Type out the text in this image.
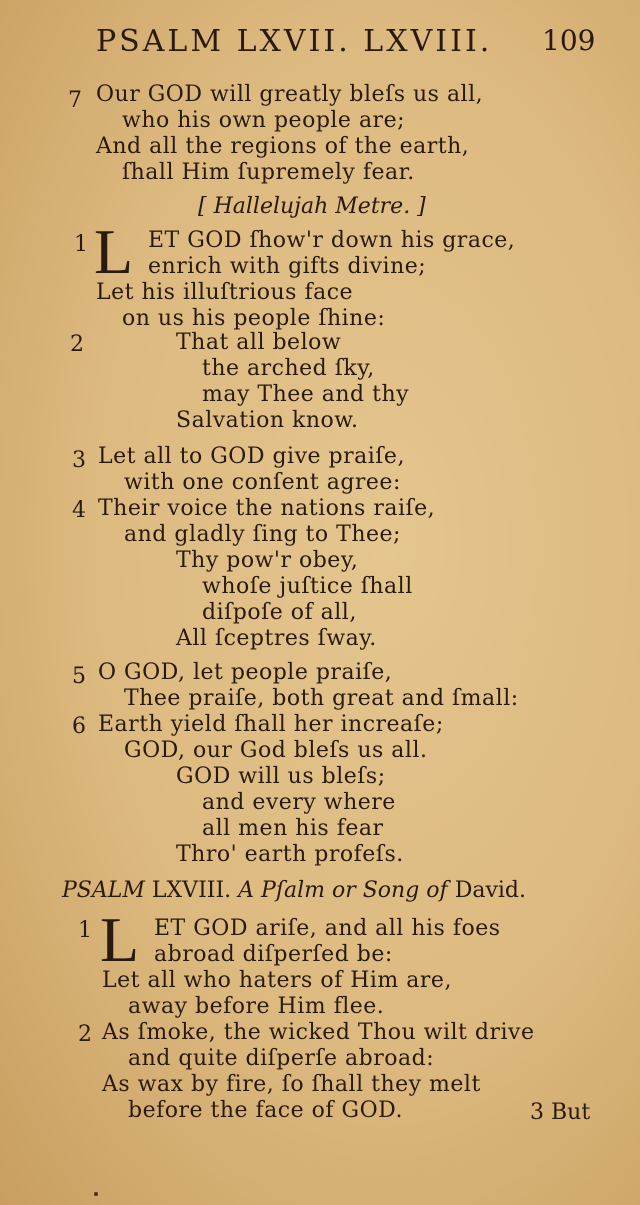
PSALM LXVII. LXVIII. 109
7 Our GOD will greatly bleſs us all,
who his own people are;
And all the regions of the earth,
ſhall Him ſupremely fear.
[ Hallelujah Metre. ]
1 L ET GOD ſhow'r down his grace,
enrich with gifts divine;
Let his illuſtrious face
on us his people ſhine:
2	That all below
the arched ſky,
may Thee and thy
Salvation know.
3 Let all to GOD give praiſe,
with one conſent agree:
4 Their voice the nations raiſe,
and gladly ſing to Thee;
Thy pow'r obey,
whoſe juſtice ſhall
diſpoſe of all,
All ſceptres ſway.
5 O GOD, let people praiſe,
Thee praiſe, both great and ſmall:
6 Earth yield ſhall her increaſe;
GOD, our God bleſs us all.
GOD will us bleſs;
and every where
all men his fear
Thro' earth profeſs.
PSALM LXVIII. A Pſalm or Song of David.
1 L ET GOD ariſe, and all his foes
abroad diſperſed be:
Let all who haters of Him are,
away before Him flee.
2 As ſmoke, the wicked Thou wilt drive
and quite diſperſe abroad:
As wax by fire, ſo ſhall they melt
before the face of GOD.	3 But
